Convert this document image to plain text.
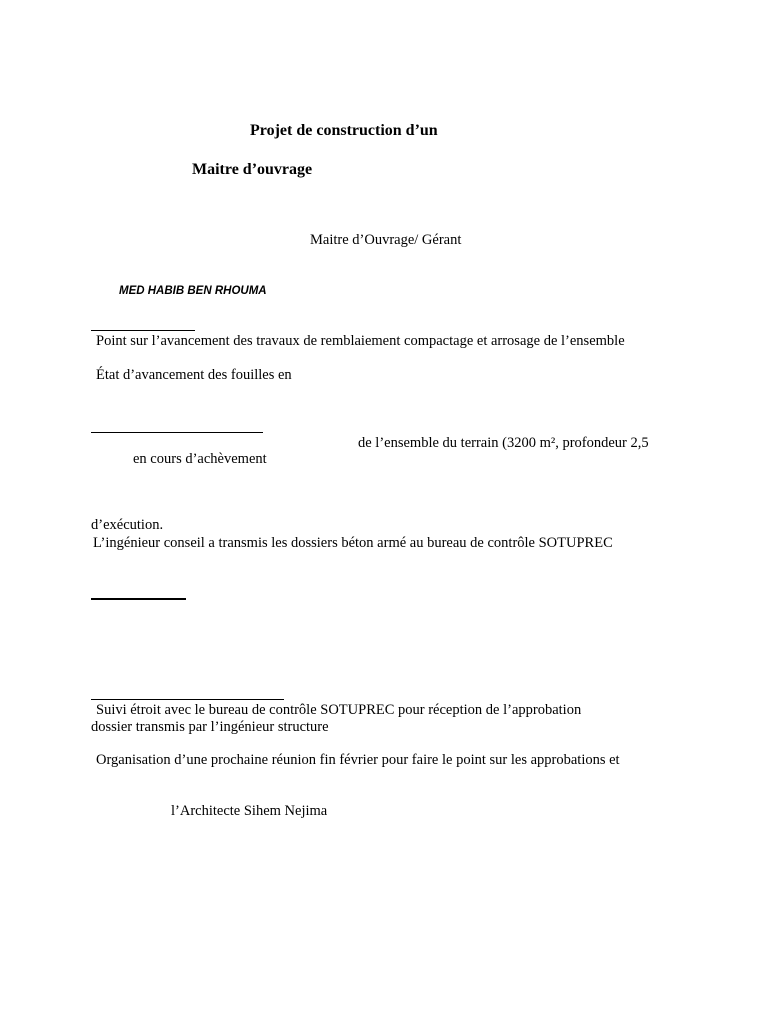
Projet de construction d’un
Maitre d’ouvrage
Maitre d’Ouvrage/ Gérant
MED HABIB BEN RHOUMA
Point sur l’avancement des travaux de remblaiement compactage et arrosage de l’ensemble
État d’avancement des fouilles en
de l’ensemble du terrain (3200 m², profondeur 2,5
en cours d’achèvement
d’exécution.
L’ingénieur conseil a transmis les dossiers béton armé au bureau de contrôle SOTUPREC
Suivi étroit avec le bureau de contrôle SOTUPREC pour réception de l’approbation
dossier transmis par l’ingénieur structure
Organisation d’une prochaine réunion fin février pour faire le point sur les approbations et
l’Architecte Sihem Nejima
